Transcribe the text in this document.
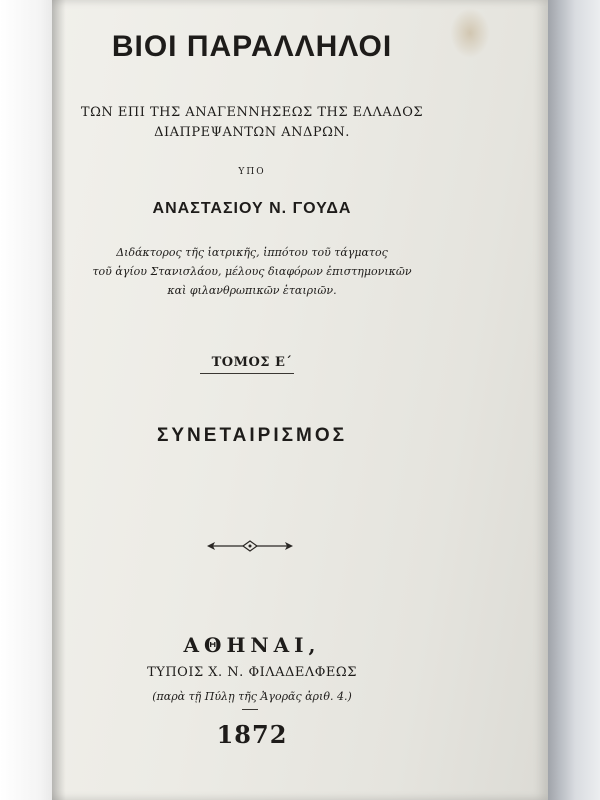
ΒΙΟΙ ΠΑΡΑΛΛΗΛΟΙ

ΤΩΝ ΕΠΙ ΤΗΣ ΑΝΑΓΕΝΝΗΣΕΩΣ ΤΗΣ ΕΛΛΑΔΟΣ

ΔΙΑΠΡΕΨΑΝΤΩΝ ΑΝΔΡΩΝ.

ΥΠΟ

ΑΝΑΣΤΑΣΙΟΥ Ν. ΓΟΥΔΑ

Διδάκτορος τῆς ἰατρικῆς, ἱππότου τοῦ τάγματος

τοῦ ἁγίου Στανισλάου, μέλους διαφόρων ἐπιστημονικῶν

καὶ φιλανθρωπικῶν ἑταιριῶν.

ΤΟΜΟΣ Ε΄

ΣΥΝΕΤΑΙΡΙΣΜΟΣ

ΑΘΗΝΑΙ,

ΤΥΠΟΙΣ Χ. Ν. ΦΙΛΑΔΕΛΦΕΩΣ

(παρὰ τῇ Πύλῃ τῆς Ἀγορᾶς ἀριθ. 4.)

1872
